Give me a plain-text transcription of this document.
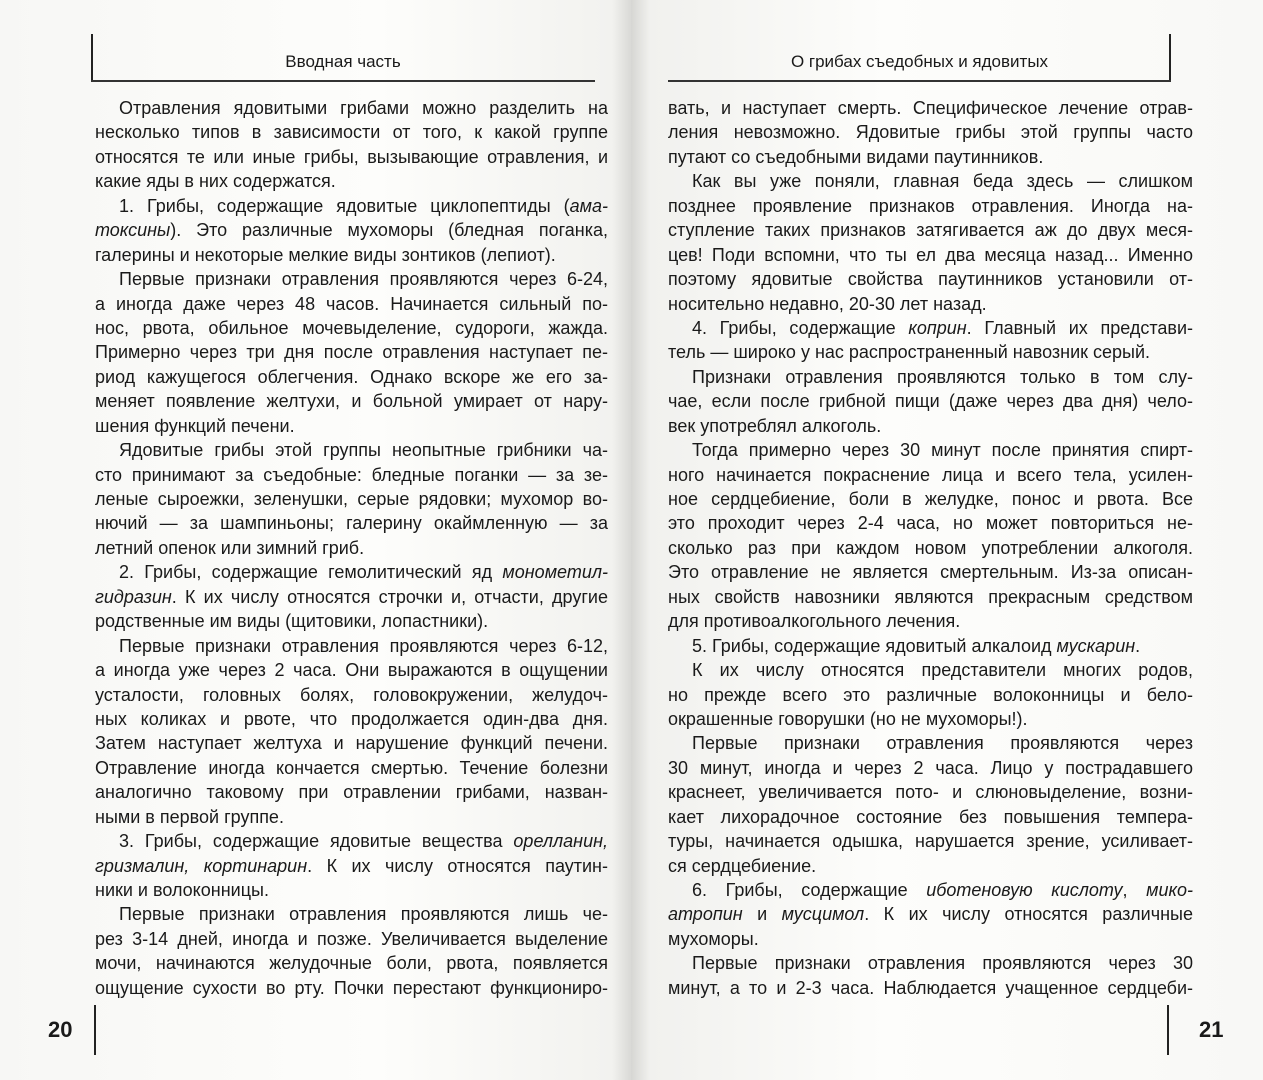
Вводная часть
Отравления ядовитыми грибами можно разделить на
несколько типов в зависимости от того, к какой группе
относятся те или иные грибы, вызывающие отравления, и
какие яды в них содержатся.
1. Грибы, содержащие ядовитые циклопептиды (ама-
токсины). Это различные мухоморы (бледная поганка,
галерины и некоторые мелкие виды зонтиков (лепиот).
Первые признаки отравления проявляются через 6-24,
а иногда даже через 48 часов. Начинается сильный по-
нос, рвота, обильное мочевыделение, судороги, жажда.
Примерно через три дня после отравления наступает пе-
риод кажущегося облегчения. Однако вскоре же его за-
меняет появление желтухи, и больной умирает от нару-
шения функций печени.
Ядовитые грибы этой группы неопытные грибники ча-
сто принимают за съедобные: бледные поганки — за зе-
леные сыроежки, зеленушки, серые рядовки; мухомор во-
нючий — за шампиньоны; галерину окаймленную — за
летний опенок или зимний гриб.
2. Грибы, содержащие гемолитический яд монометил-
гидразин. К их числу относятся строчки и, отчасти, другие
родственные им виды (щитовики, лопастники).
Первые признаки отравления проявляются через 6-12,
а иногда уже через 2 часа. Они выражаются в ощущении
усталости, головных болях, головокружении, желудоч-
ных коликах и рвоте, что продолжается один-два дня.
Затем наступает желтуха и нарушение функций печени.
Отравление иногда кончается смертью. Течение болезни
аналогично таковому при отравлении грибами, назван-
ными в первой группе.
3. Грибы, содержащие ядовитые вещества орелланин,
гризмалин, кортинарин. К их числу относятся паутин-
ники и волоконницы.
Первые признаки отравления проявляются лишь че-
рез 3-14 дней, иногда и позже. Увеличивается выделение
мочи, начинаются желудочные боли, рвота, появляется
ощущение сухости во рту. Почки перестают функциониро-
20
О грибах съедобных и ядовитых
вать, и наступает смерть. Специфическое лечение отрав-
ления невозможно. Ядовитые грибы этой группы часто
путают со съедобными видами паутинников.
Как вы уже поняли, главная беда здесь — слишком
позднее проявление признаков отравления. Иногда на-
ступление таких признаков затягивается аж до двух меся-
цев! Поди вспомни, что ты ел два месяца назад... Именно
поэтому ядовитые свойства паутинников установили от-
носительно недавно, 20-30 лет назад.
4. Грибы, содержащие коприн. Главный их представи-
тель — широко у нас распространенный навозник серый.
Признаки отравления проявляются только в том слу-
чае, если после грибной пищи (даже через два дня) чело-
век употреблял алкоголь.
Тогда примерно через 30 минут после принятия спирт-
ного начинается покраснение лица и всего тела, усилен-
ное сердцебиение, боли в желудке, понос и рвота. Все
это проходит через 2-4 часа, но может повториться не-
сколько раз при каждом новом употреблении алкоголя.
Это отравление не является смертельным. Из-за описан-
ных свойств навозники являются прекрасным средством
для противоалкогольного лечения.
5. Грибы, содержащие ядовитый алкалоид мускарин.
К их числу относятся представители многих родов,
но прежде всего это различные волоконницы и бело-
окрашенные говорушки (но не мухоморы!).
Первые признаки отравления проявляются через
30 минут, иногда и через 2 часа. Лицо у пострадавшего
краснеет, увеличивается пото- и слюновыделение, возни-
кает лихорадочное состояние без повышения темпера-
туры, начинается одышка, нарушается зрение, усиливает-
ся сердцебиение.
6. Грибы, содержащие иботеновую кислоту, мико-
атропин и мусцимол. К их числу относятся различные
мухоморы.
Первые признаки отравления проявляются через 30
минут, а то и 2-3 часа. Наблюдается учащенное сердцеби-
21
